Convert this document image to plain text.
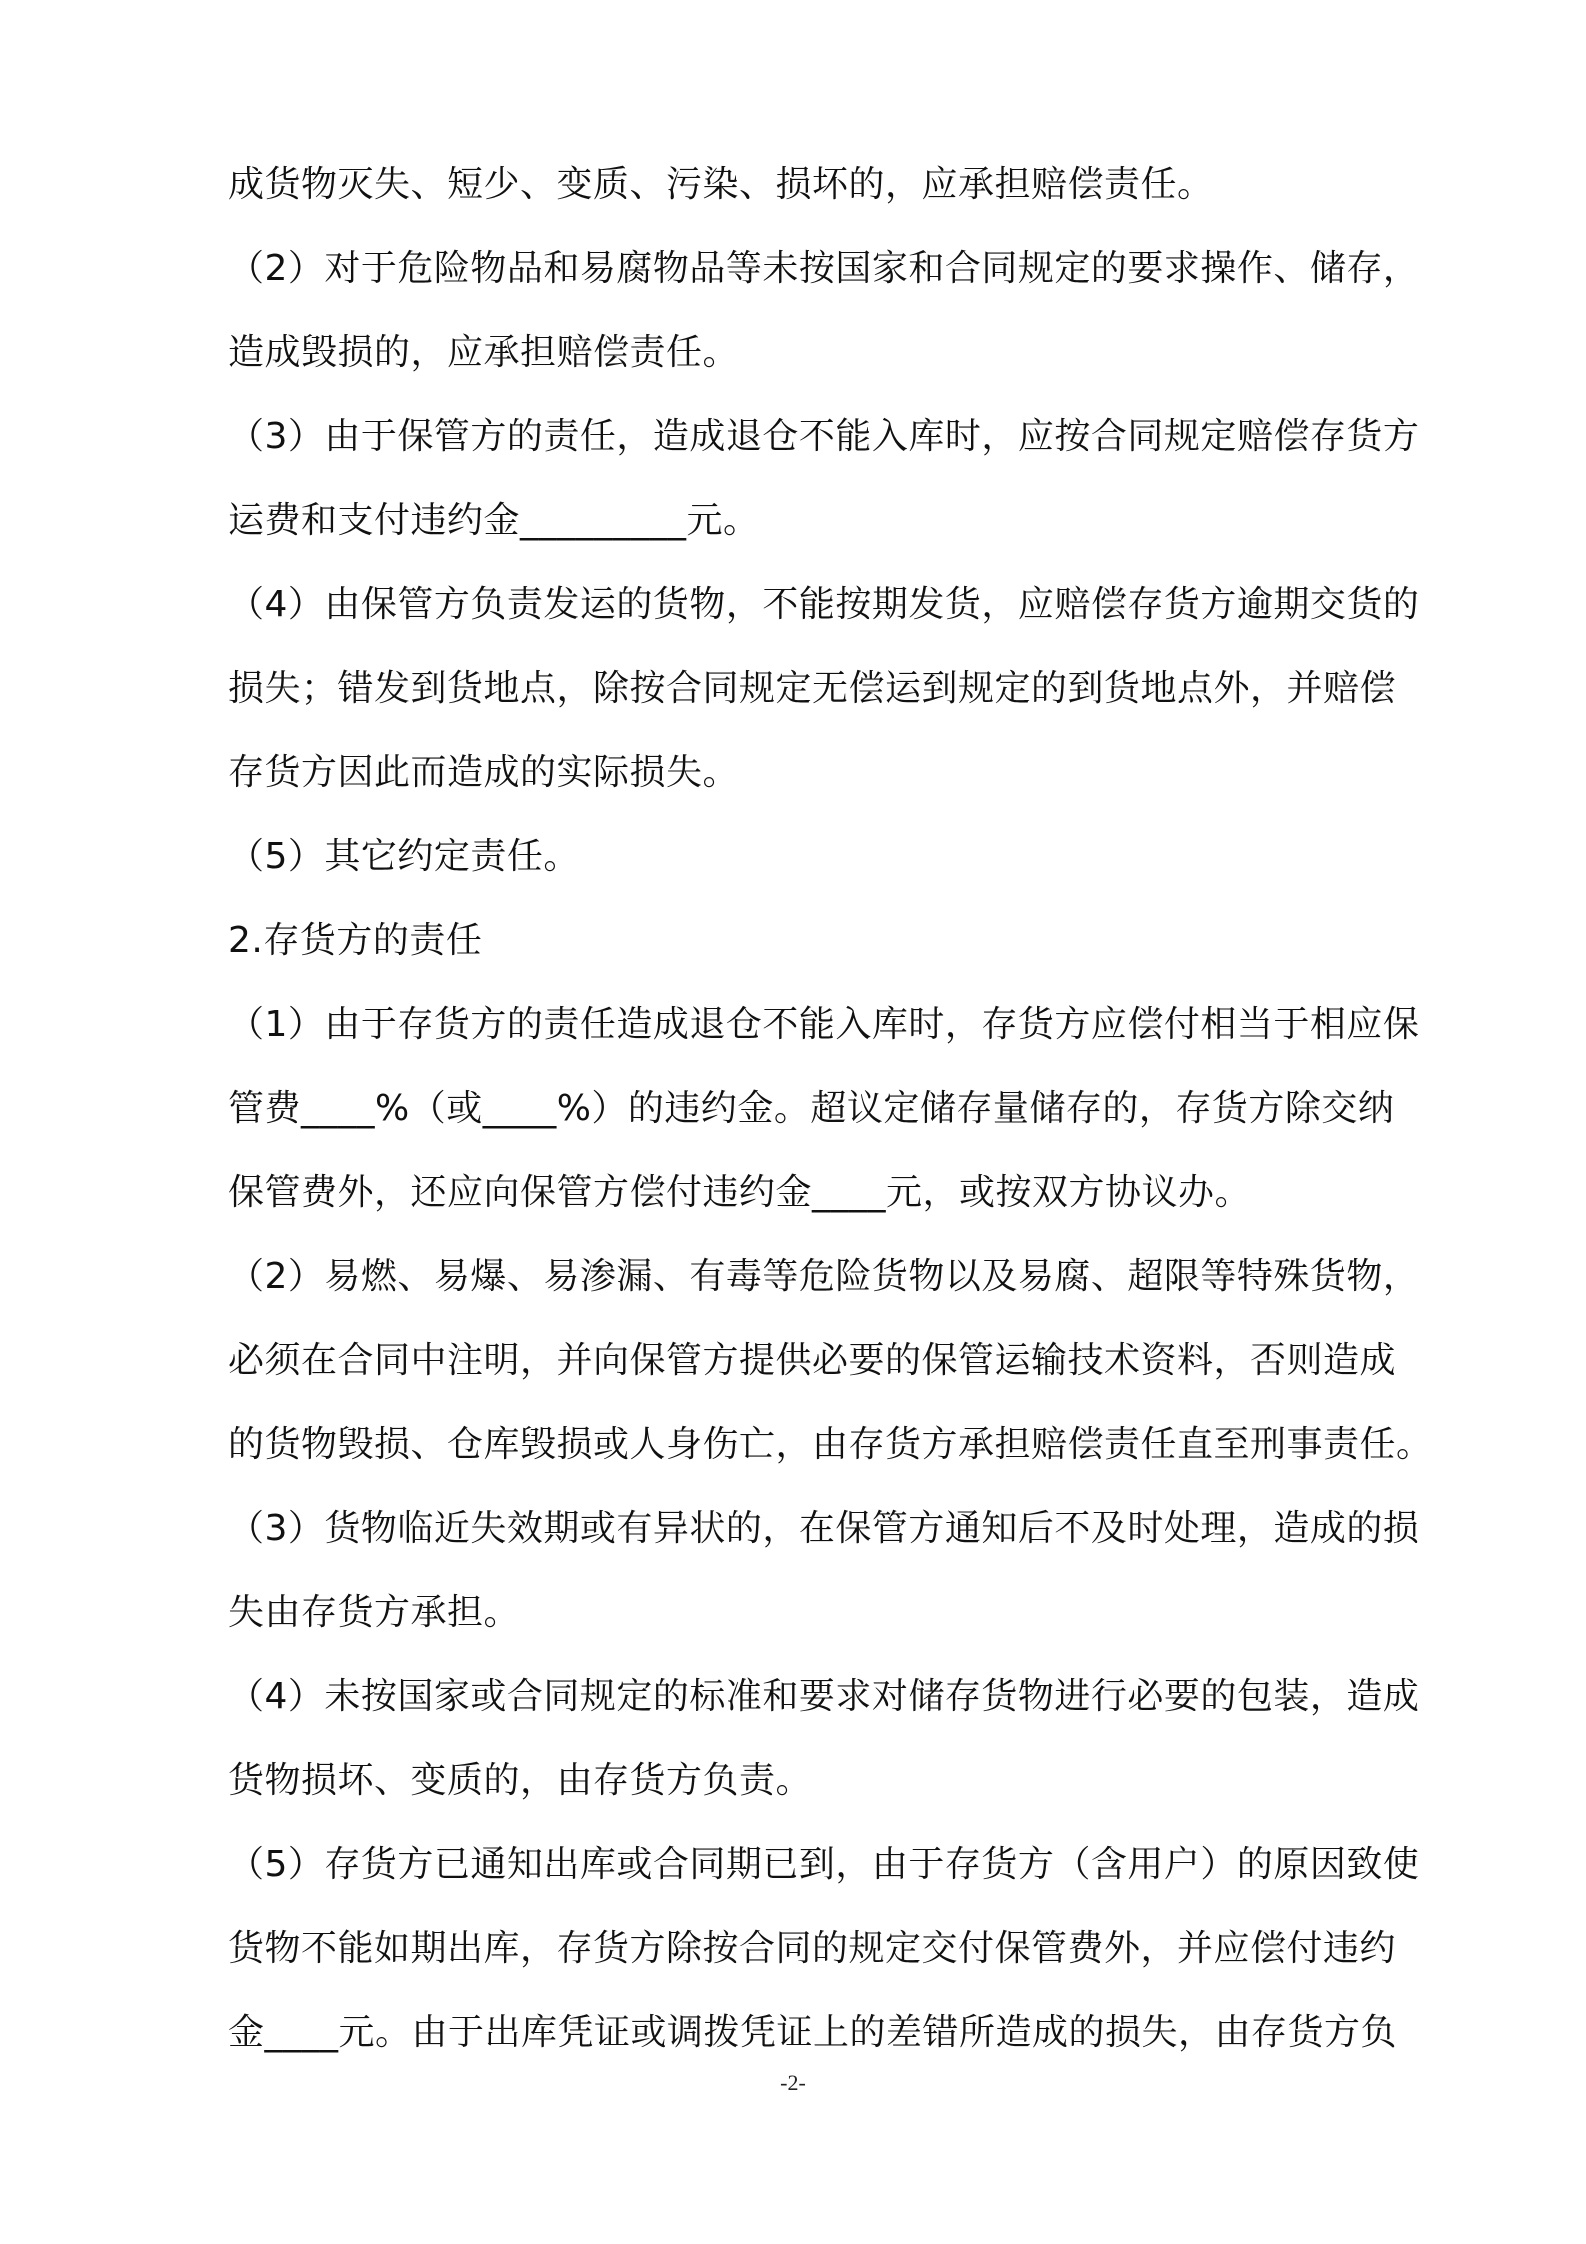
成货物灭失、短少、变质、污染、损坏的，应承担赔偿责任。
（2）对于危险物品和易腐物品等未按国家和合同规定的要求操作、储存，
造成毁损的，应承担赔偿责任。
（3）由于保管方的责任，造成退仓不能入库时，应按合同规定赔偿存货方
运费和支付违约金_________元。
（4）由保管方负责发运的货物，不能按期发货，应赔偿存货方逾期交货的
损失；错发到货地点，除按合同规定无偿运到规定的到货地点外，并赔偿
存货方因此而造成的实际损失。
（5）其它约定责任。
2.存货方的责任
（1）由于存货方的责任造成退仓不能入库时，存货方应偿付相当于相应保
管费____%（或____%）的违约金。超议定储存量储存的，存货方除交纳
保管费外，还应向保管方偿付违约金____元，或按双方协议办。
（2）易燃、易爆、易渗漏、有毒等危险货物以及易腐、超限等特殊货物，
必须在合同中注明，并向保管方提供必要的保管运输技术资料，否则造成
的货物毁损、仓库毁损或人身伤亡，由存货方承担赔偿责任直至刑事责任。
（3）货物临近失效期或有异状的，在保管方通知后不及时处理，造成的损
失由存货方承担。
（4）未按国家或合同规定的标准和要求对储存货物进行必要的包装，造成
货物损坏、变质的，由存货方负责。
（5）存货方已通知出库或合同期已到，由于存货方（含用户）的原因致使
货物不能如期出库，存货方除按合同的规定交付保管费外，并应偿付违约
金____元。由于出库凭证或调拨凭证上的差错所造成的损失，由存货方负
-2-
